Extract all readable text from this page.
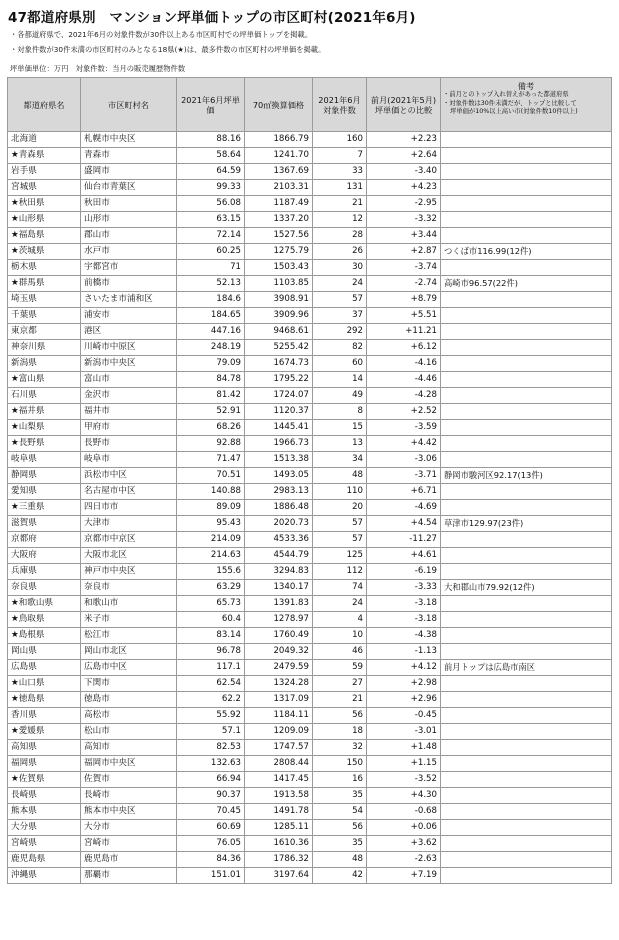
47都道府県別　マンション坪単価トップの市区町村(2021年6月)
・各都道府県で、2021年6月の対象件数が30件以上ある市区町村での坪単価トップを掲載。
・対象件数が30件未満の市区町村のみとなる18県(★)は、最多件数の市区町村の坪単価を掲載。
坪単価単位：万円　対象件数：当月の販売履歴物件数
都道府県名	市区町村名	2021年6月坪単価	70㎡換算価格	2021年6月対象件数	前月(2021年5月)坪単価との比較	備考
・前月とのトップ入れ替えがあった都道府県
・対象件数は30件未満だが、トップと比較して
坪単価が10%以上高い市(対象件数10件以上)

北海道	札幌市中央区	88.16	1866.79	160	+2.23	
★青森県	青森市	58.64	1241.70	7	+2.64	
岩手県	盛岡市	64.59	1367.69	33	-3.40	
宮城県	仙台市青葉区	99.33	2103.31	131	+4.23	
★秋田県	秋田市	56.08	1187.49	21	-2.95	
★山形県	山形市	63.15	1337.20	12	-3.32	
★福島県	郡山市	72.14	1527.56	28	+3.44	
★茨城県	水戸市	60.25	1275.79	26	+2.87	つくば市116.99(12件)
栃木県	宇都宮市	71	1503.43	30	-3.74	
★群馬県	前橋市	52.13	1103.85	24	-2.74	高崎市96.57(22件)
埼玉県	さいたま市浦和区	184.6	3908.91	57	+8.79	
千葉県	浦安市	184.65	3909.96	37	+5.51	
東京都	港区	447.16	9468.61	292	+11.21	
神奈川県	川崎市中原区	248.19	5255.42	82	+6.12	
新潟県	新潟市中央区	79.09	1674.73	60	-4.16	
★富山県	富山市	84.78	1795.22	14	-4.46	
石川県	金沢市	81.42	1724.07	49	-4.28	
★福井県	福井市	52.91	1120.37	8	+2.52	
★山梨県	甲府市	68.26	1445.41	15	-3.59	
★長野県	長野市	92.88	1966.73	13	+4.42	
岐阜県	岐阜市	71.47	1513.38	34	-3.06	
静岡県	浜松市中区	70.51	1493.05	48	-3.71	静岡市駿河区92.17(13件)
愛知県	名古屋市中区	140.88	2983.13	110	+6.71	
★三重県	四日市市	89.09	1886.48	20	-4.69	
滋賀県	大津市	95.43	2020.73	57	+4.54	草津市129.97(23件)
京都府	京都市中京区	214.09	4533.36	57	-11.27	
大阪府	大阪市北区	214.63	4544.79	125	+4.61	
兵庫県	神戸市中央区	155.6	3294.83	112	-6.19	
奈良県	奈良市	63.29	1340.17	74	-3.33	大和郡山市79.92(12件)
★和歌山県	和歌山市	65.73	1391.83	24	-3.18	
★鳥取県	米子市	60.4	1278.97	4	-3.18	
★島根県	松江市	83.14	1760.49	10	-4.38	
岡山県	岡山市北区	96.78	2049.32	46	-1.13	
広島県	広島市中区	117.1	2479.59	59	+4.12	前月トップは広島市南区
★山口県	下関市	62.54	1324.28	27	+2.98	
★徳島県	徳島市	62.2	1317.09	21	+2.96	
香川県	高松市	55.92	1184.11	56	-0.45	
★愛媛県	松山市	57.1	1209.09	18	-3.01	
高知県	高知市	82.53	1747.57	32	+1.48	
福岡県	福岡市中央区	132.63	2808.44	150	+1.15	
★佐賀県	佐賀市	66.94	1417.45	16	-3.52	
長崎県	長崎市	90.37	1913.58	35	+4.30	
熊本県	熊本市中央区	70.45	1491.78	54	-0.68	
大分県	大分市	60.69	1285.11	56	+0.06	
宮崎県	宮崎市	76.05	1610.36	35	+3.62	
鹿児島県	鹿児島市	84.36	1786.32	48	-2.63	
沖縄県	那覇市	151.01	3197.64	42	+7.19	
